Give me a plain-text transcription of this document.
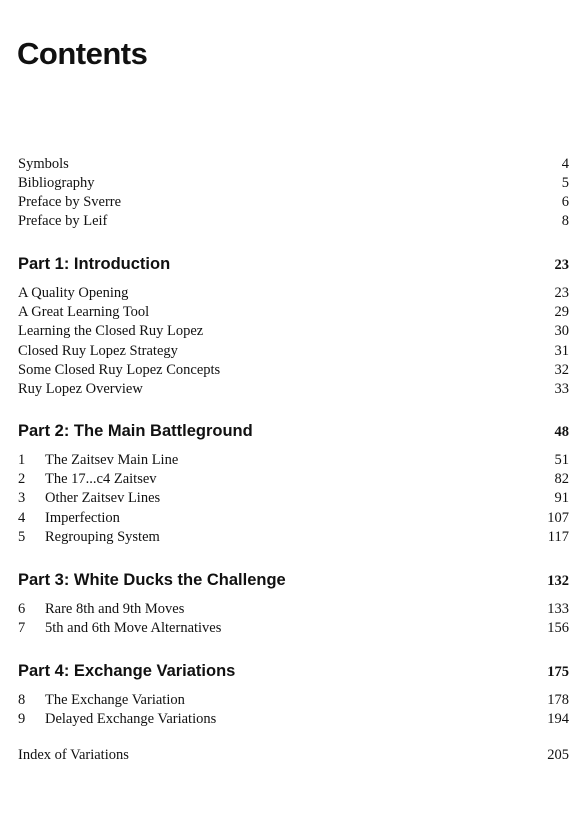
Contents
Symbols	4
Bibliography	5
Preface by Sverre	6
Preface by Leif	8
Part 1: Introduction	23
A Quality Opening	23
A Great Learning Tool	29
Learning the Closed Ruy Lopez	30
Closed Ruy Lopez Strategy	31
Some Closed Ruy Lopez Concepts	32
Ruy Lopez Overview	33
Part 2: The Main Battleground	48
1 The Zaitsev Main Line	51
2 The 17...c4 Zaitsev	82
3 Other Zaitsev Lines	91
4 Imperfection	107
5 Regrouping System	117
Part 3: White Ducks the Challenge	132
6 Rare 8th and 9th Moves	133
7 5th and 6th Move Alternatives	156
Part 4: Exchange Variations	175
8 The Exchange Variation	178
9 Delayed Exchange Variations	194
Index of Variations	205
